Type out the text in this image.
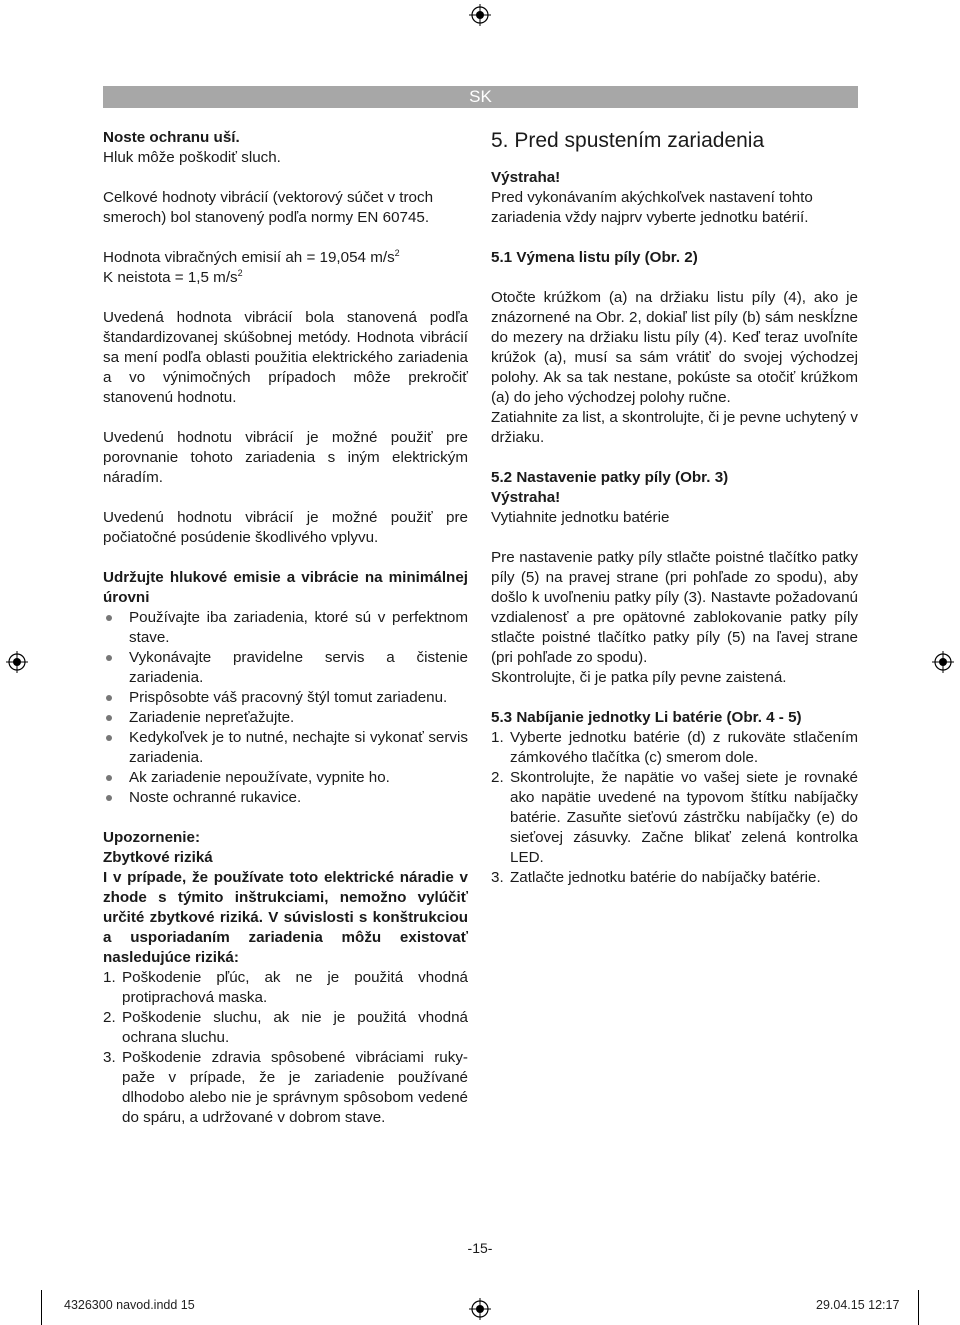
SK

Noste ochranu uší.

Hluk môže poškodiť sluch.

Celkové hodnoty vibrácií (vektorový súčet v troch smeroch) bol stanovený podľa normy EN 60745.

Hodnota vibračných emisií ah = 19,054 $m/s^2$

K neistota = 1,5 $m/s^2$

Uvedená hodnota vibrácií bola stanovená podľa štandardizovanej skúšobnej metódy. Hodnota vibrácií sa mení podľa oblasti použitia elektrického zariadenia a vo výnimočných prípadoch môže prekročiť stanovenú hodnotu.

Uvedenú hodnotu vibrácií je možné použiť pre porovnanie tohoto zariadenia s iným elektrickým náradím.

Uvedenú hodnotu vibrácií je možné použiť pre počiatočné posúdenie škodlivého vplyvu.

Udržujte hlukové emisie a vibrácie na minimálnej úrovni

Používajte iba zariadenia, ktoré sú v perfektnom stave.
Vykonávajte pravidelne servis a čistenie zariadenia.
Prispôsobte váš pracovný štýl tomut zariadenu.
Zariadenie nepreťažujte.
Kedykoľvek je to nutné, nechajte si vykonať servis zariadenia.
Ak zariadenie nepoužívate, vypnite ho.
Noste ochranné rukavice.

Upozornenie:

Zbytkové riziká

I v prípade, že používate toto elektrické náradie v zhode s týmito inštrukciami, nemožno vylúčiť určité zbytkové riziká. V súvislosti s konštrukciou a usporiadaním zariadenia môžu existovať nasledujúce riziká:

1. Poškodenie pľúc, ak ne je použitá vhodná protiprachová maska.
2. Poškodenie sluchu, ak nie je použitá vhodná ochrana sluchu.
3. Poškodenie zdravia spôsobené vibráciami ruky-paže v prípade, že je zariadenie používané dlhodobo alebo nie je správnym spôsobom vedené do spáru, a udržované v dobrom stave.

5. Pred spustením zariadenia

Výstraha!

Pred vykonávaním akýchkoľvek nastavení tohto zariadenia vždy najprv vyberte jednotku batérií.

5.1 Výmena listu píly (Obr. 2)

Otočte krúžkom (a) na držiaku listu píly (4), ako je znázornené na Obr. 2, dokiaľ list píly (b) sám neskĺzne do mezery na držiaku listu píly (4). Keď teraz uvoľníte krúžok (a), musí sa sám vrátiť do svojej východzej polohy. Ak sa tak nestane, pokúste sa otočiť krúžkom (a) do jeho východzej polohy ručne.

Zatiahnite za list, a skontrolujte, či je pevne uchytený v držiaku.

5.2 Nastavenie patky píly (Obr. 3)

Výstraha!

Vytiahnite jednotku batérie

Pre nastavenie patky píly stlačte poistné tlačítko patky píly (5) na pravej strane (pri pohľade zo spodu), aby došlo k uvoľneniu patky píly (3). Nastavte požadovanú vzdialenosť a pre opätovné zablokovanie patky píly stlačte poistné tlačítko patky píly (5) na ľavej strane (pri pohľade zo spodu).

Skontrolujte, či je patka píly pevne zaistená.

5.3 Nabíjanie jednotky Li batérie (Obr. 4 - 5)

1. Vyberte jednotku batérie (d) z rukoväte stlačením zámkového tlačítka (c) smerom dole.
2. Skontrolujte, že napätie vo vašej siete je rovnaké ako napätie uvedené na typovom štítku nabíjačky batérie. Zasuňte sieťovú zástrčku nabíjačky (e) do sieťovej zásuvky. Začne blikať zelená kontrolka LED.
3. Zatlačte jednotku batérie do nabíjačky batérie.
-15-
4326300 navod.indd 15	29.04.15 12:17
